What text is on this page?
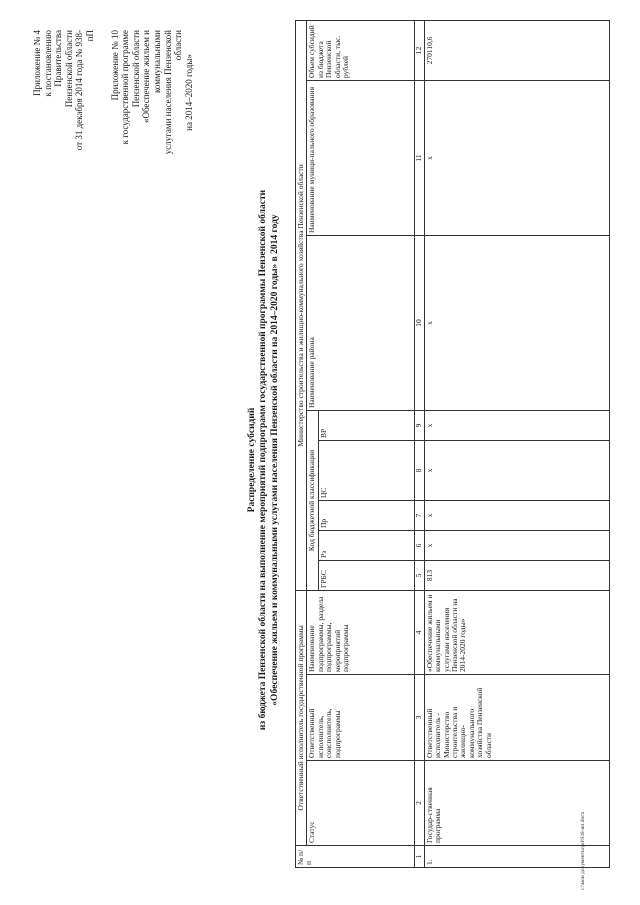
Приложение № 4 к постановлению Правительства Пензенской области от 31 декабря 2014 года № 938-пП Приложение № 10 к государственной программе Пензенской области «Обеспечение жильем и коммунальными услугами населения Пензенской области
на 2014–2020 годы»
Распределение субсидий из бюджета Пензенской области на выполнение мероприятий подпрограмм государственной программы Пензенской области «Обеспечение жильем и коммунальными услугами населения Пензенской области на 2014–2020 годы» в 2014 году
№ п/п	Ответственный исполнитель государственной программы			Министерство строительства и жилищно-коммунального хозяйства Пензенской области							
	Статус	Ответственный исполнитель, соисполнитель, подпрограммы	Наименование подпрограммы, раздела подпрограммы, мероприятий подпрограммы	Код бюджетной классификации					Наименование района	Наименование муници-пального образования	Объем субсидий из бюджета Пензенской области, тыс. рублей
				ГРБС	Рз	Пр	ЦС	ВР			
1	2	3	4	5	6	7	8	9	10	11	12
1.	Государ-ственная программа	Ответственный исполнитель - Министерство строительства и жилищно-коммунального хозяйства Пензенской области	«Обеспечение жильем и коммунальными услугами населения Пензенской области на 2014-2020 годы»	813	х	х	х	х	х	х	270110,6
c:\мои документы\pd\938-ип.docx
